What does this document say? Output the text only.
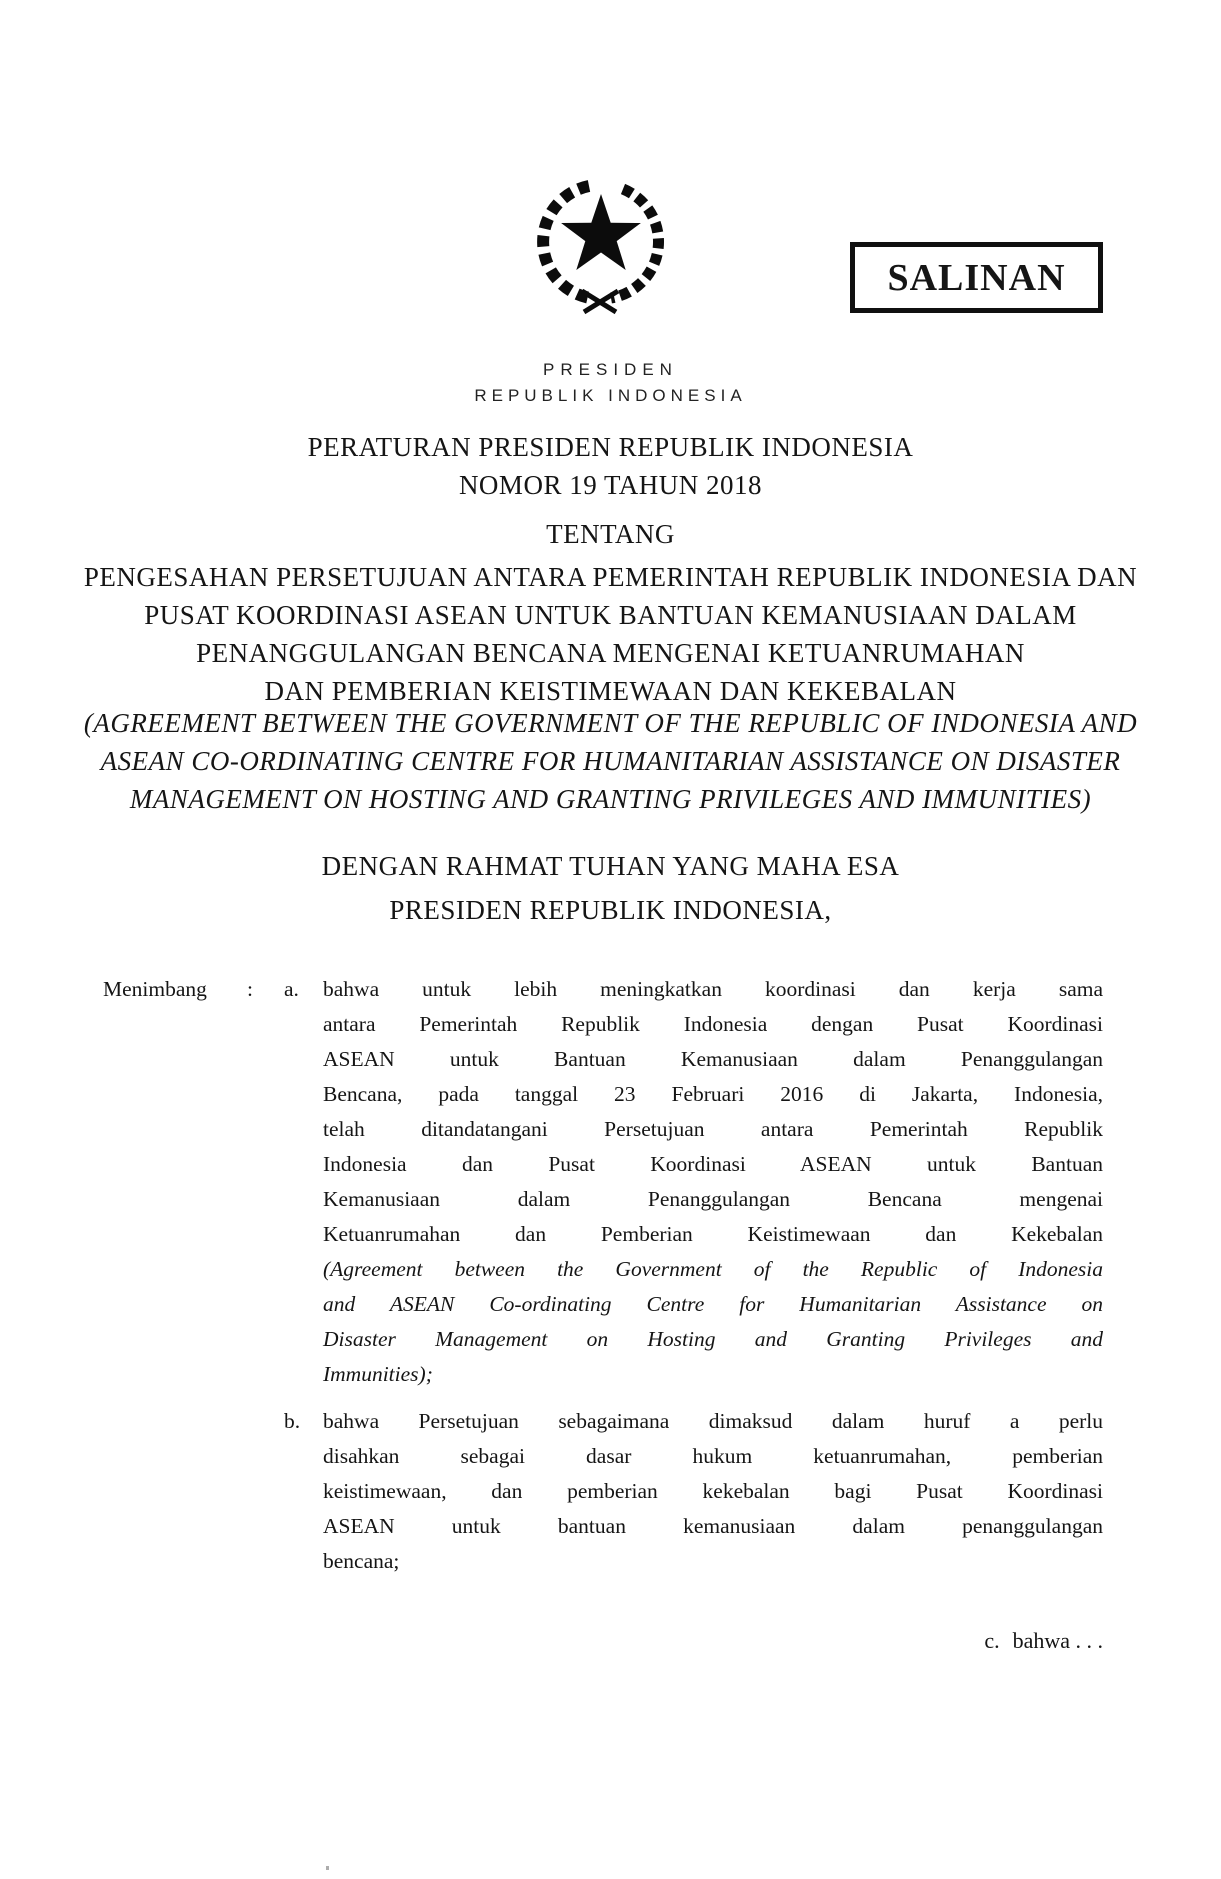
SALINAN
PRESIDEN
REPUBLIK INDONESIA
PERATURAN PRESIDEN REPUBLIK INDONESIA
NOMOR 19 TAHUN 2018
TENTANG
PENGESAHAN PERSETUJUAN ANTARA PEMERINTAH REPUBLIK INDONESIA DAN
PUSAT KOORDINASI ASEAN UNTUK BANTUAN KEMANUSIAAN DALAM
PENANGGULANGAN BENCANA MENGENAI KETUANRUMAHAN
DAN PEMBERIAN KEISTIMEWAAN DAN KEKEBALAN
(AGREEMENT BETWEEN THE GOVERNMENT OF THE REPUBLIC OF INDONESIA AND
ASEAN CO-ORDINATING CENTRE FOR HUMANITARIAN ASSISTANCE ON DISASTER
MANAGEMENT ON HOSTING AND GRANTING PRIVILEGES AND IMMUNITIES)
DENGAN RAHMAT TUHAN YANG MAHA ESA
PRESIDEN REPUBLIK INDONESIA,
Menimbang	:	a.	bahwa untuk lebih meningkatkan koordinasi dan kerja sama
antara Pemerintah Republik Indonesia dengan Pusat Koordinasi
ASEAN untuk Bantuan Kemanusiaan dalam Penanggulangan
Bencana, pada tanggal 23 Februari 2016 di Jakarta, Indonesia,
telah ditandatangani Persetujuan antara Pemerintah Republik
Indonesia dan Pusat Koordinasi ASEAN untuk Bantuan
Kemanusiaan dalam Penanggulangan Bencana mengenai
Ketuanrumahan dan Pemberian Keistimewaan dan Kekebalan
(Agreement between the Government of the Republic of Indonesia
and ASEAN Co-ordinating Centre for Humanitarian Assistance on
Disaster Management on Hosting and Granting Privileges and
Immunities);
b.	bahwa Persetujuan sebagaimana dimaksud dalam huruf a perlu
disahkan sebagai dasar hukum ketuanrumahan, pemberian
keistimewaan, dan pemberian kekebalan bagi Pusat Koordinasi
ASEAN untuk bantuan kemanusiaan dalam penanggulangan
bencana;
c. bahwa . . .
